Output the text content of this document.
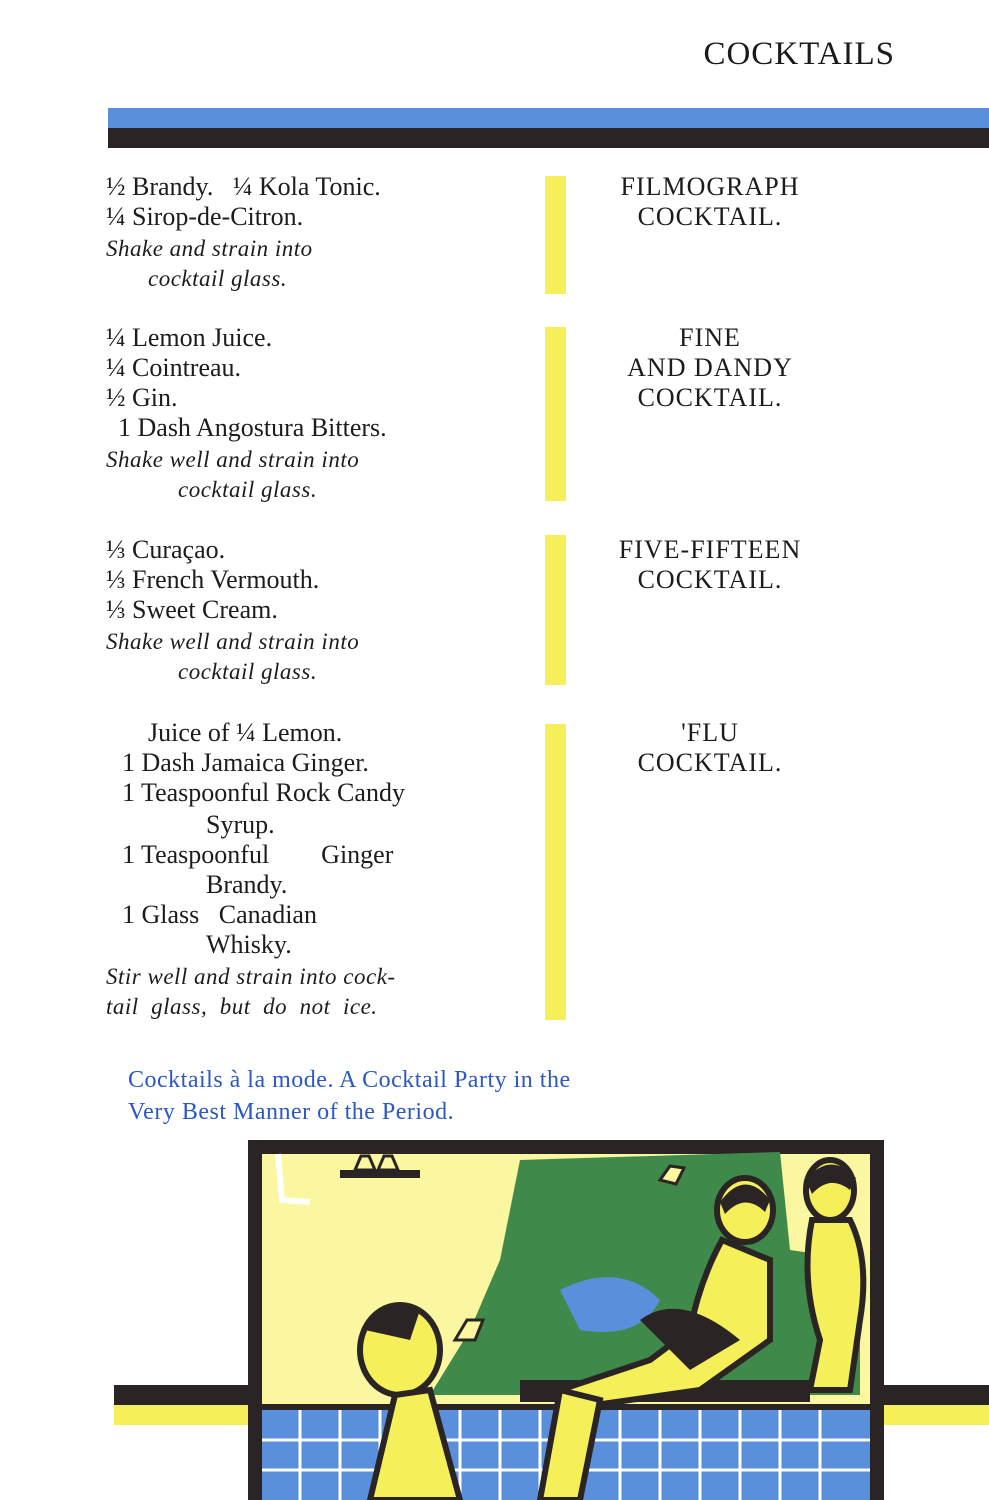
COCKTAILS
½ Brandy.   ¼ Kola Tonic.
¼ Sirop-de-Citron.
Shake and strain into
cocktail glass.
FILMOGRAPH
COCKTAIL.
¼ Lemon Juice.
¼ Cointreau.
½ Gin.
1 Dash Angostura Bitters.
Shake well and strain into
cocktail glass.
FINE
AND DANDY
COCKTAIL.
⅓ Curaçao.
⅓ French Vermouth.
⅓ Sweet Cream.
Shake well and strain into
cocktail glass.
FIVE-FIFTEEN
COCKTAIL.
Juice of ¼ Lemon.
1 Dash Jamaica Ginger.
1 Teaspoonful Rock Candy
Syrup.
1 Teaspoonful        Ginger
Brandy.
1 Glass   Canadian
Whisky.
Stir well and strain into cock-
tail  glass,  but  do  not  ice.
'FLU
COCKTAIL.
Cocktails à la mode. A Cocktail Party in the
Very Best Manner of the Period.
